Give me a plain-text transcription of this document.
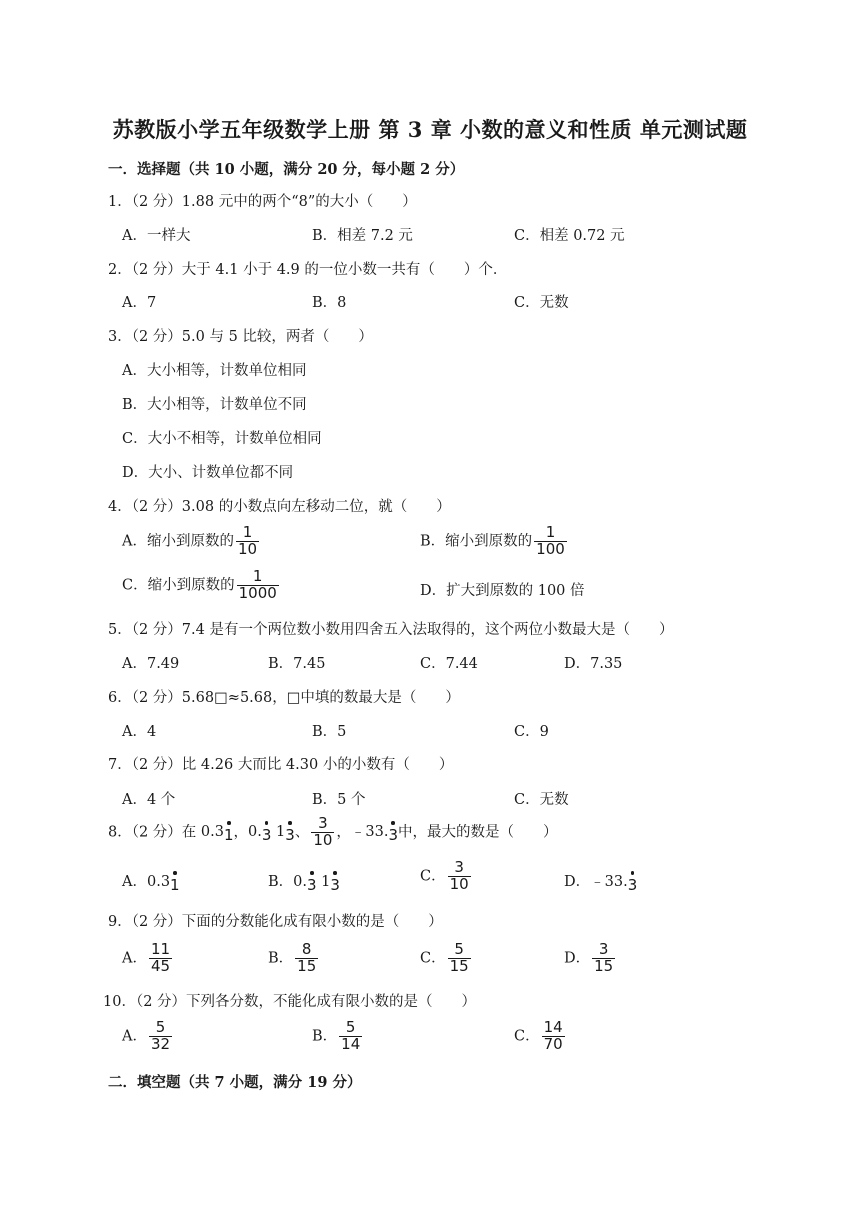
苏教版小学五年级数学上册 第 3 章 小数的意义和性质 单元测试题
一．选择题（共 10 小题，满分 20 分，每小题 2 分）
1．（2 分）1.88 元中的两个“8”的大小（　　）
A．一样大	B．相差 7.2 元	C．相差 0.72 元
2．（2 分）大于 4.1 小于 4.9 的一位小数一共有（　　）个．
A．7	B．8	C．无数
3．（2 分）5.0 与 5 比较，两者（　　）
A．大小相等，计数单位相同
B．大小相等，计数单位不同
C．大小不相等，计数单位相同
D．大小、计数单位都不同
4．（2 分）3.08 的小数点向左移动二位，就（　　）
A．缩小到原数的 $\frac{1}{10}$	B．缩小到原数的 $\frac{1}{100}$
C．缩小到原数的 $\frac{1}{1000}$	D．扩大到原数的 100 倍
5．（2 分）7.4 是有一个两位数小数用四舍五入法取得的，这个两位小数最大是（　　）
A．7.49	B．7.45	C．7.44	D．7.35
6．（2 分）5.68□≈5.68，□中填的数最大是（　　）
A．4	B．5	C．9
7．（2 分）比 4.26 大而比 4.30 小的小数有（　　）
A．4 个	B．5 个	C．无数
8．（2 分）在 0.31，0.3 13、 $\frac{3}{10}$ ，﹣33.3中，最大的数是（　　）
A．0.31	B．0.3 13	C． $\frac{3}{10}$	D．﹣33.3
9．（2 分）下面的分数能化成有限小数的是（　　）
A． $\frac{11}{45}$	B． $\frac{8}{15}$	C． $\frac{5}{15}$	D． $\frac{3}{15}$
10．（2 分）下列各分数，不能化成有限小数的是（　　）
A． $\frac{5}{32}$	B． $\frac{5}{14}$	C． $\frac{14}{70}$
二．填空题（共 7 小题，满分 19 分）
